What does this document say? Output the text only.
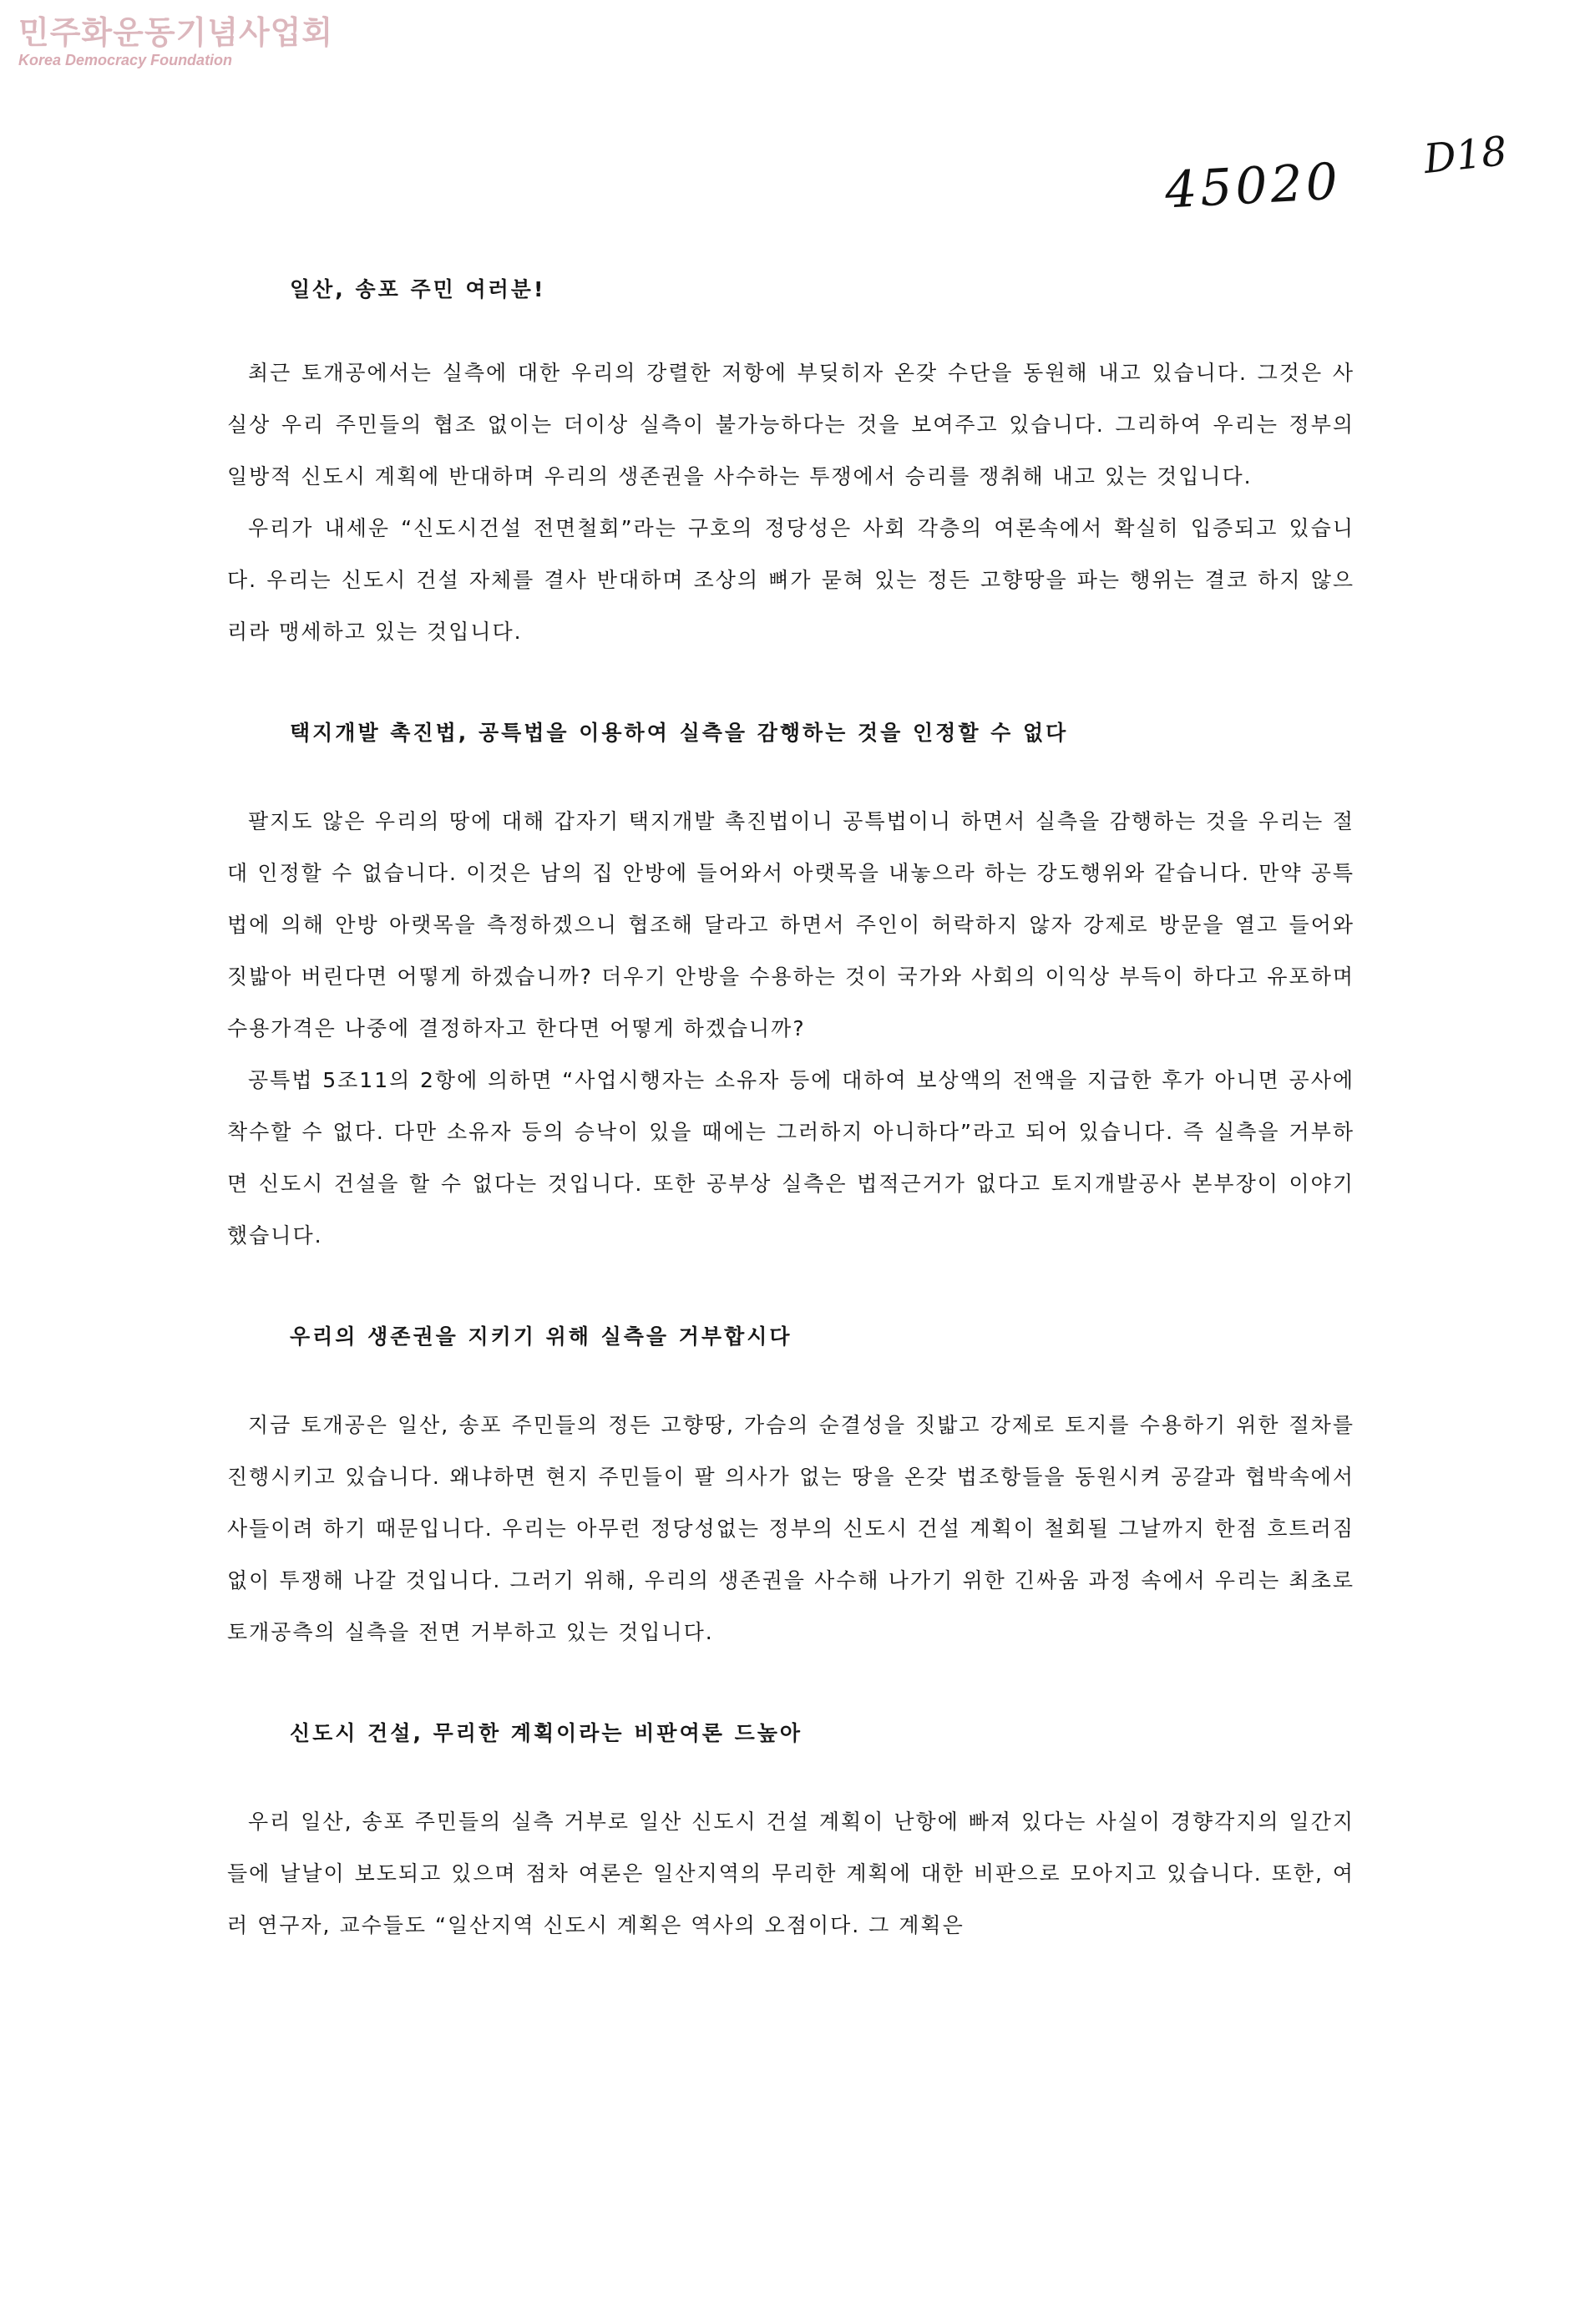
민주화운동기념사업회
Korea Democracy Foundation
45020 D18
일산, 송포 주민 여러분!

최근 토개공에서는 실측에 대한 우리의 강렬한 저항에 부딪히자 온갖 수단을 동원해 내고 있습니다. 그것은 사실상 우리 주민들의 협조 없이는 더이상 실측이 불가능하다는 것을 보여주고 있습니다. 그리하여 우리는 정부의 일방적 신도시 계획에 반대하며 우리의 생존권을 사수하는 투쟁에서 승리를 쟁취해 내고 있는 것입니다.

우리가 내세운 “신도시건설 전면철회”라는 구호의 정당성은 사회 각층의 여론속에서 확실히 입증되고 있습니다. 우리는 신도시 건설 자체를 결사 반대하며 조상의 뼈가 묻혀 있는 정든 고향땅을 파는 행위는 결코 하지 않으리라 맹세하고 있는 것입니다.

택지개발 촉진법, 공특법을 이용하여 실측을 감행하는 것을 인정할 수 없다

팔지도 않은 우리의 땅에 대해 갑자기 택지개발 촉진법이니 공특법이니 하면서 실측을 감행하는 것을 우리는 절대 인정할 수 없습니다. 이것은 남의 집 안방에 들어와서 아랫목을 내놓으라 하는 강도행위와 같습니다. 만약 공특법에 의해 안방 아랫목을 측정하겠으니 협조해 달라고 하면서 주인이 허락하지 않자 강제로 방문을 열고 들어와 짓밟아 버린다면 어떻게 하겠습니까? 더우기 안방을 수용하는 것이 국가와 사회의 이익상 부득이 하다고 유포하며 수용가격은 나중에 결정하자고 한다면 어떻게 하겠습니까?

공특법 5조11의 2항에 의하면 “사업시행자는 소유자 등에 대하여 보상액의 전액을 지급한 후가 아니면 공사에 착수할 수 없다. 다만 소유자 등의 승낙이 있을 때에는 그러하지 아니하다”라고 되어 있습니다. 즉 실측을 거부하면 신도시 건설을 할 수 없다는 것입니다. 또한 공부상 실측은 법적근거가 없다고 토지개발공사 본부장이 이야기 했습니다.

우리의 생존권을 지키기 위해 실측을 거부합시다

지금 토개공은 일산, 송포 주민들의 정든 고향땅, 가슴의 순결성을 짓밟고 강제로 토지를 수용하기 위한 절차를 진행시키고 있습니다. 왜냐하면 현지 주민들이 팔 의사가 없는 땅을 온갖 법조항들을 동원시켜 공갈과 협박속에서 사들이려 하기 때문입니다. 우리는 아무런 정당성없는 정부의 신도시 건설 계획이 철회될 그날까지 한점 흐트러짐 없이 투쟁해 나갈 것입니다. 그러기 위해, 우리의 생존권을 사수해 나가기 위한 긴싸움 과정 속에서 우리는 최초로 토개공측의 실측을 전면 거부하고 있는 것입니다.

신도시 건설, 무리한 계획이라는 비판여론 드높아

우리 일산, 송포 주민들의 실측 거부로 일산 신도시 건설 계획이 난항에 빠져 있다는 사실이 경향각지의 일간지들에 날날이 보도되고 있으며 점차 여론은 일산지역의 무리한 계획에 대한 비판으로 모아지고 있습니다. 또한, 여러 연구자, 교수들도 “일산지역 신도시 계획은 역사의 오점이다. 그 계획은
